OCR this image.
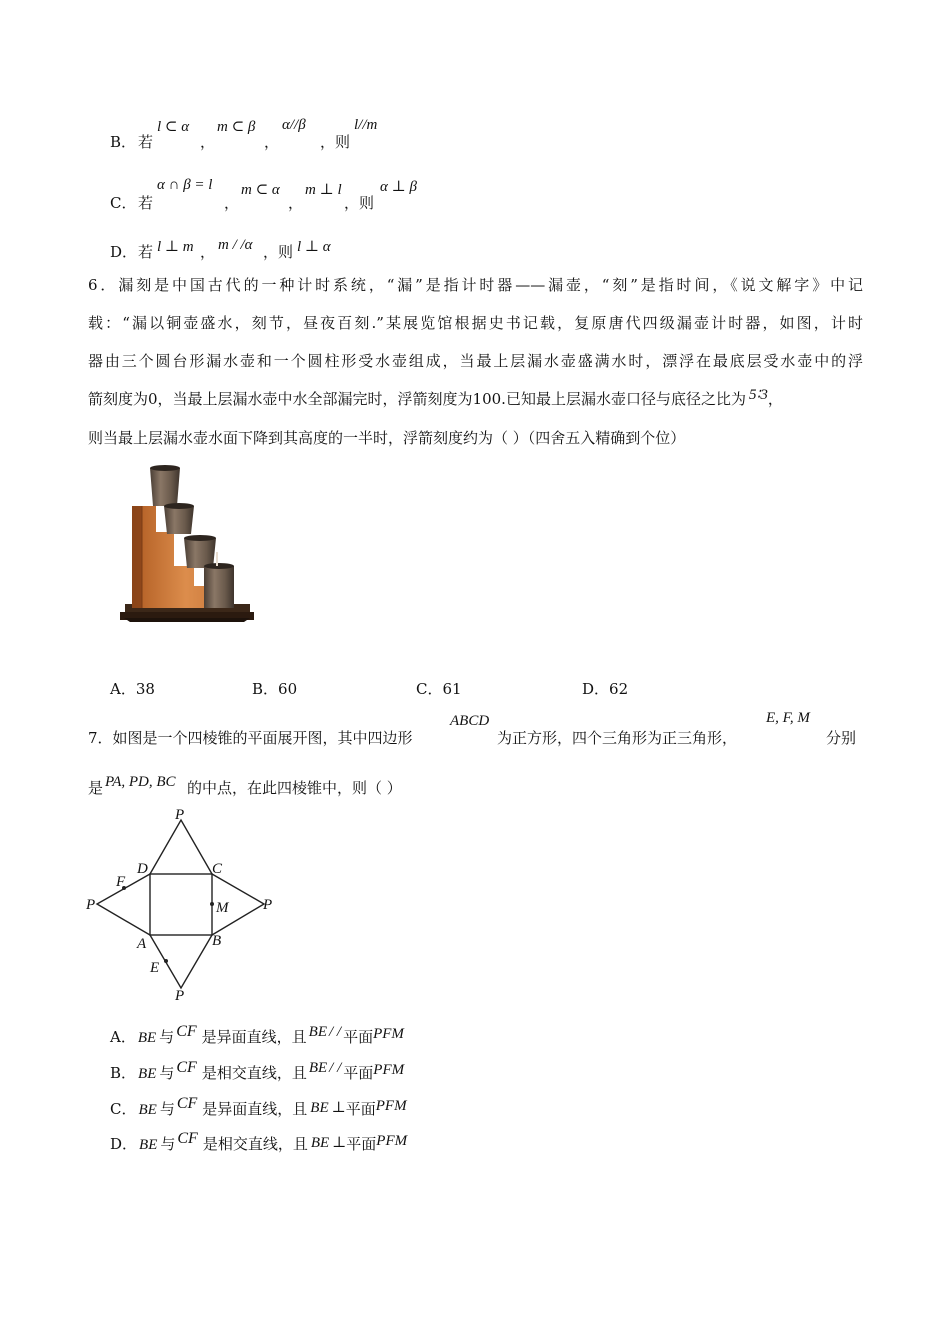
B． 若
l ⊂ α
，
m ⊂ β
，
α//β
，则
l//m
C． 若
α ∩ β = l
，
m ⊂ α
，
m ⊥ l
，则
α ⊥ β
D． 若 l ⊥ m ， m / /α ，则 l ⊥ α
6．漏刻是中国古代的一种计时系统，“漏”是指计时器——漏壶，“刻”是指时间，《说文解字》中记
载：“漏以铜壶盛水，刻节，昼夜百刻.”某展览馆根据史书记载，复原唐代四级漏壶计时器，如图，计时
器由三个圆台形漏水壶和一个圆柱形受水壶组成，当最上层漏水壶盛满水时，漂浮在最底层受水壶中的浮
箭刻度为0，当最上层漏水壶中水全部漏完时，浮箭刻度为100.已知最上层漏水壶口径与底径之比为 5∶3，
则当最上层漏水壶水面下降到其高度的一半时，浮箭刻度约为（ ）（四舍五入精确到个位）
A．38	B．60	C．61	D．62
7．如图是一个四棱锥的平面展开图，其中四边形
ABCD
为正方形，四个三角形为正三角形，
E, F, M
分别
是 PA, PD, BC 的中点，在此四棱锥中，则（ ）
P
P	P
P
D	C
B
A
E
F
M
A． BE 与 CF 是异面直线，且 BE / / 平面PFM
B． BE 与 CF 是相交直线，且 BE / / 平面PFM
C． BE 与 CF 是异面直线，且 BE ⊥平面PFM
D． BE 与 CF 是相交直线，且 BE ⊥平面PFM
